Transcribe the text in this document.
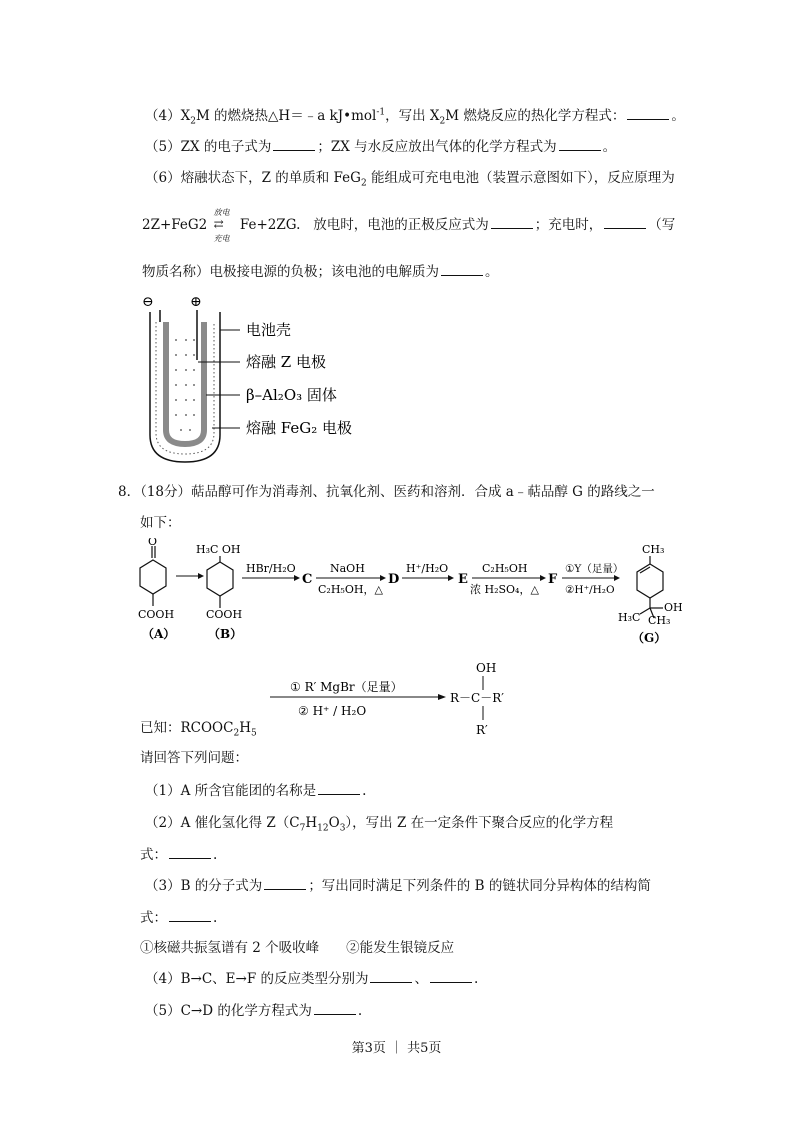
$(4)X_2M$ 的燃烧热△H＝﹣a kJ•mol$^{-1}$，写出 $X_2M$ 燃烧反应的热化学方程式：	。
（5）ZX 的电子式为	；ZX 与水反应放出气体的化学方程式为	。
（6）熔融状态下，Z 的单质和 FeG$_2$ 能组成可充电电池（装置示意图如下），反应原理为
2Z+FeG2
放电
⇄
充电
Fe+2ZG. 放电时，电池的正极反应式为	；充电时，	（写
物质名称）电极接电源的负极；该电池的电解质为	。
⊖	⊕
电池壳
熔融 Z 电极
β–Al₂O₃ 固体
熔融 FeG₂ 电极
8．（18分）萜品醇可作为消毒剂、抗氧化剂、医药和溶剂．合成 a﹣萜品醇 G 的路线之一
如下：
O
COOH
（A）
H₃C OH
COOH
（B）
HBr/H₂O
C
NaOH
C₂H₅OH，△
D
H⁺/H₂O
E
C₂H₅OH
浓 H₂SO₄，△
F
①Y（足量）
②H⁺/H₂O
CH₃
OH
H₃C CH₃
（G）
已知：$RCOOC_2H_5$
① R′ MgBr（足量）
② H⁺ / H₂O
OH
R－C－R′
R′
请回答下列问题：
（1）A 所含官能团的名称是	.
（2）A 催化氢化得 $Z(C_7H_{12}O_3)$，写出 Z 在一定条件下聚合反应的化学方程
式：	.
（3）B 的分子式为	；写出同时满足下列条件的 B 的链状同分异构体的结构简
式：	.
①核磁共振氢谱有 2 个吸收峰　　②能发生银镜反应
（4）B→C、E→F 的反应类型分别为	、	.
（5）C→D 的化学方程式为	.
第3页 ｜ 共5页
